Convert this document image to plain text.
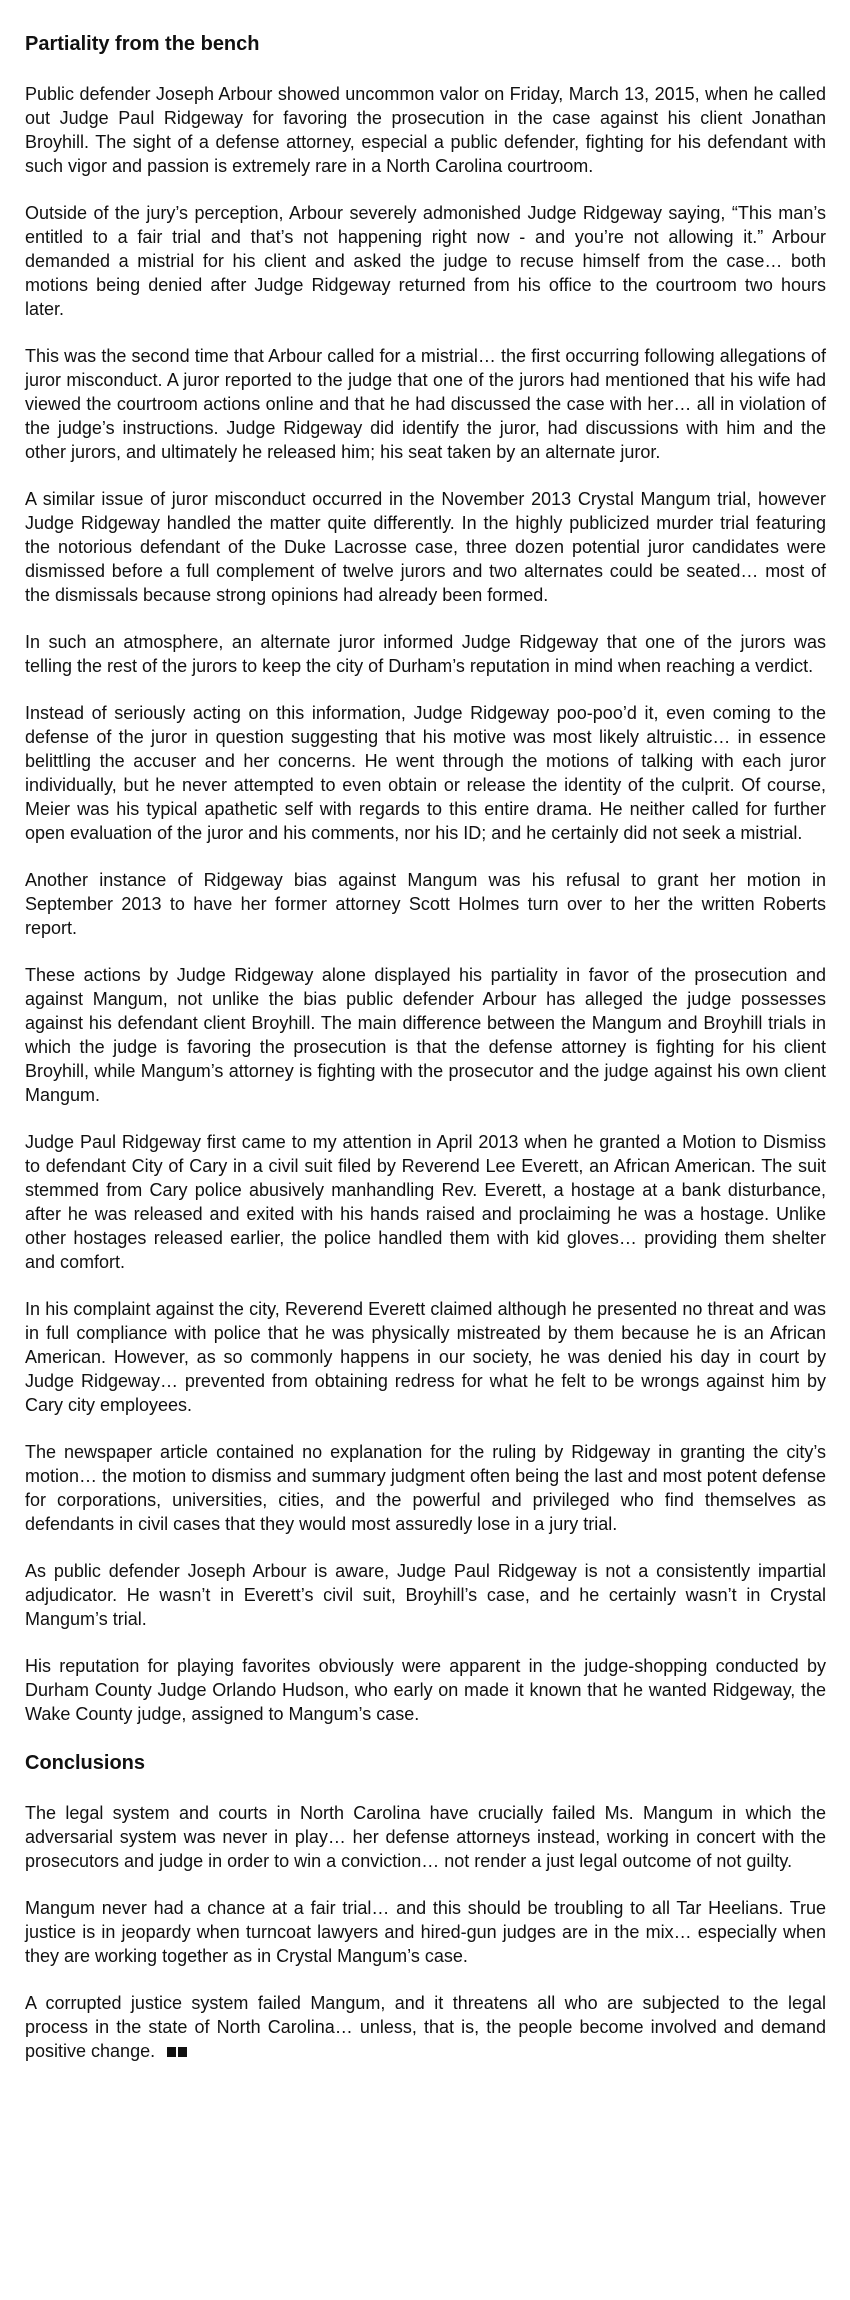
Partiality from the bench

Public defender Joseph Arbour showed uncommon valor on Friday, March 13, 2015, when he called out Judge Paul Ridgeway for favoring the prosecution in the case against his client Jonathan Broyhill. The sight of a defense attorney, especial a public defender, fighting for his defendant with such vigor and passion is extremely rare in a North Carolina courtroom.

Outside of the jury’s perception, Arbour severely admonished Judge Ridgeway saying, “This man’s entitled to a fair trial and that’s not happening right now - and you’re not allowing it.” Arbour demanded a mistrial for his client and asked the judge to recuse himself from the case… both motions being denied after Judge Ridgeway returned from his office to the courtroom two hours later.

This was the second time that Arbour called for a mistrial… the first occurring following allegations of juror misconduct. A juror reported to the judge that one of the jurors had mentioned that his wife had viewed the courtroom actions online and that he had discussed the case with her… all in violation of the judge’s instructions. Judge Ridgeway did identify the juror, had discussions with him and the other jurors, and ultimately he released him; his seat taken by an alternate juror.

A similar issue of juror misconduct occurred in the November 2013 Crystal Mangum trial, however Judge Ridgeway handled the matter quite differently. In the highly publicized murder trial featuring the notorious defendant of the Duke Lacrosse case, three dozen potential juror candidates were dismissed before a full complement of twelve jurors and two alternates could be seated… most of the dismissals because strong opinions had already been formed.

In such an atmosphere, an alternate juror informed Judge Ridgeway that one of the jurors was telling the rest of the jurors to keep the city of Durham’s reputation in mind when reaching a verdict.

Instead of seriously acting on this information, Judge Ridgeway poo-poo’d it, even coming to the defense of the juror in question suggesting that his motive was most likely altruistic… in essence belittling the accuser and her concerns. He went through the motions of talking with each juror individually, but he never attempted to even obtain or release the identity of the culprit. Of course, Meier was his typical apathetic self with regards to this entire drama. He neither called for further open evaluation of the juror and his comments, nor his ID; and he certainly did not seek a mistrial.

Another instance of Ridgeway bias against Mangum was his refusal to grant her motion in September 2013 to have her former attorney Scott Holmes turn over to her the written Roberts report.

These actions by Judge Ridgeway alone displayed his partiality in favor of the prosecution and against Mangum, not unlike the bias public defender Arbour has alleged the judge possesses against his defendant client Broyhill. The main difference between the Mangum and Broyhill trials in which the judge is favoring the prosecution is that the defense attorney is fighting for his client Broyhill, while Mangum’s attorney is fighting with the prosecutor and the judge against his own client Mangum.

Judge Paul Ridgeway first came to my attention in April 2013 when he granted a Motion to Dismiss to defendant City of Cary in a civil suit filed by Reverend Lee Everett, an African American. The suit stemmed from Cary police abusively manhandling Rev. Everett, a hostage at a bank disturbance, after he was released and exited with his hands raised and proclaiming he was a hostage. Unlike other hostages released earlier, the police handled them with kid gloves… providing them shelter and comfort.

In his complaint against the city, Reverend Everett claimed although he presented no threat and was in full compliance with police that he was physically mistreated by them because he is an African American. However, as so commonly happens in our society, he was denied his day in court by Judge Ridgeway… prevented from obtaining redress for what he felt to be wrongs against him by Cary city employees.

The newspaper article contained no explanation for the ruling by Ridgeway in granting the city’s motion… the motion to dismiss and summary judgment often being the last and most potent defense for corporations, universities, cities, and the powerful and privileged who find themselves as defendants in civil cases that they would most assuredly lose in a jury trial.

As public defender Joseph Arbour is aware, Judge Paul Ridgeway is not a consistently impartial adjudicator. He wasn’t in Everett’s civil suit, Broyhill’s case, and he certainly wasn’t in Crystal Mangum’s trial.

His reputation for playing favorites obviously were apparent in the judge-shopping conducted by Durham County Judge Orlando Hudson, who early on made it known that he wanted Ridgeway, the Wake County judge, assigned to Mangum’s case.

Conclusions

The legal system and courts in North Carolina have crucially failed Ms. Mangum in which the adversarial system was never in play… her defense attorneys instead, working in concert with the prosecutors and judge in order to win a conviction… not render a just legal outcome of not guilty.

Mangum never had a chance at a fair trial… and this should be troubling to all Tar Heelians. True justice is in jeopardy when turncoat lawyers and hired-gun judges are in the mix… especially when they are working together as in Crystal Mangum’s case.

A corrupted justice system failed Mangum, and it threatens all who are subjected to the legal process in the state of North Carolina… unless, that is, the people become involved and demand positive change.
